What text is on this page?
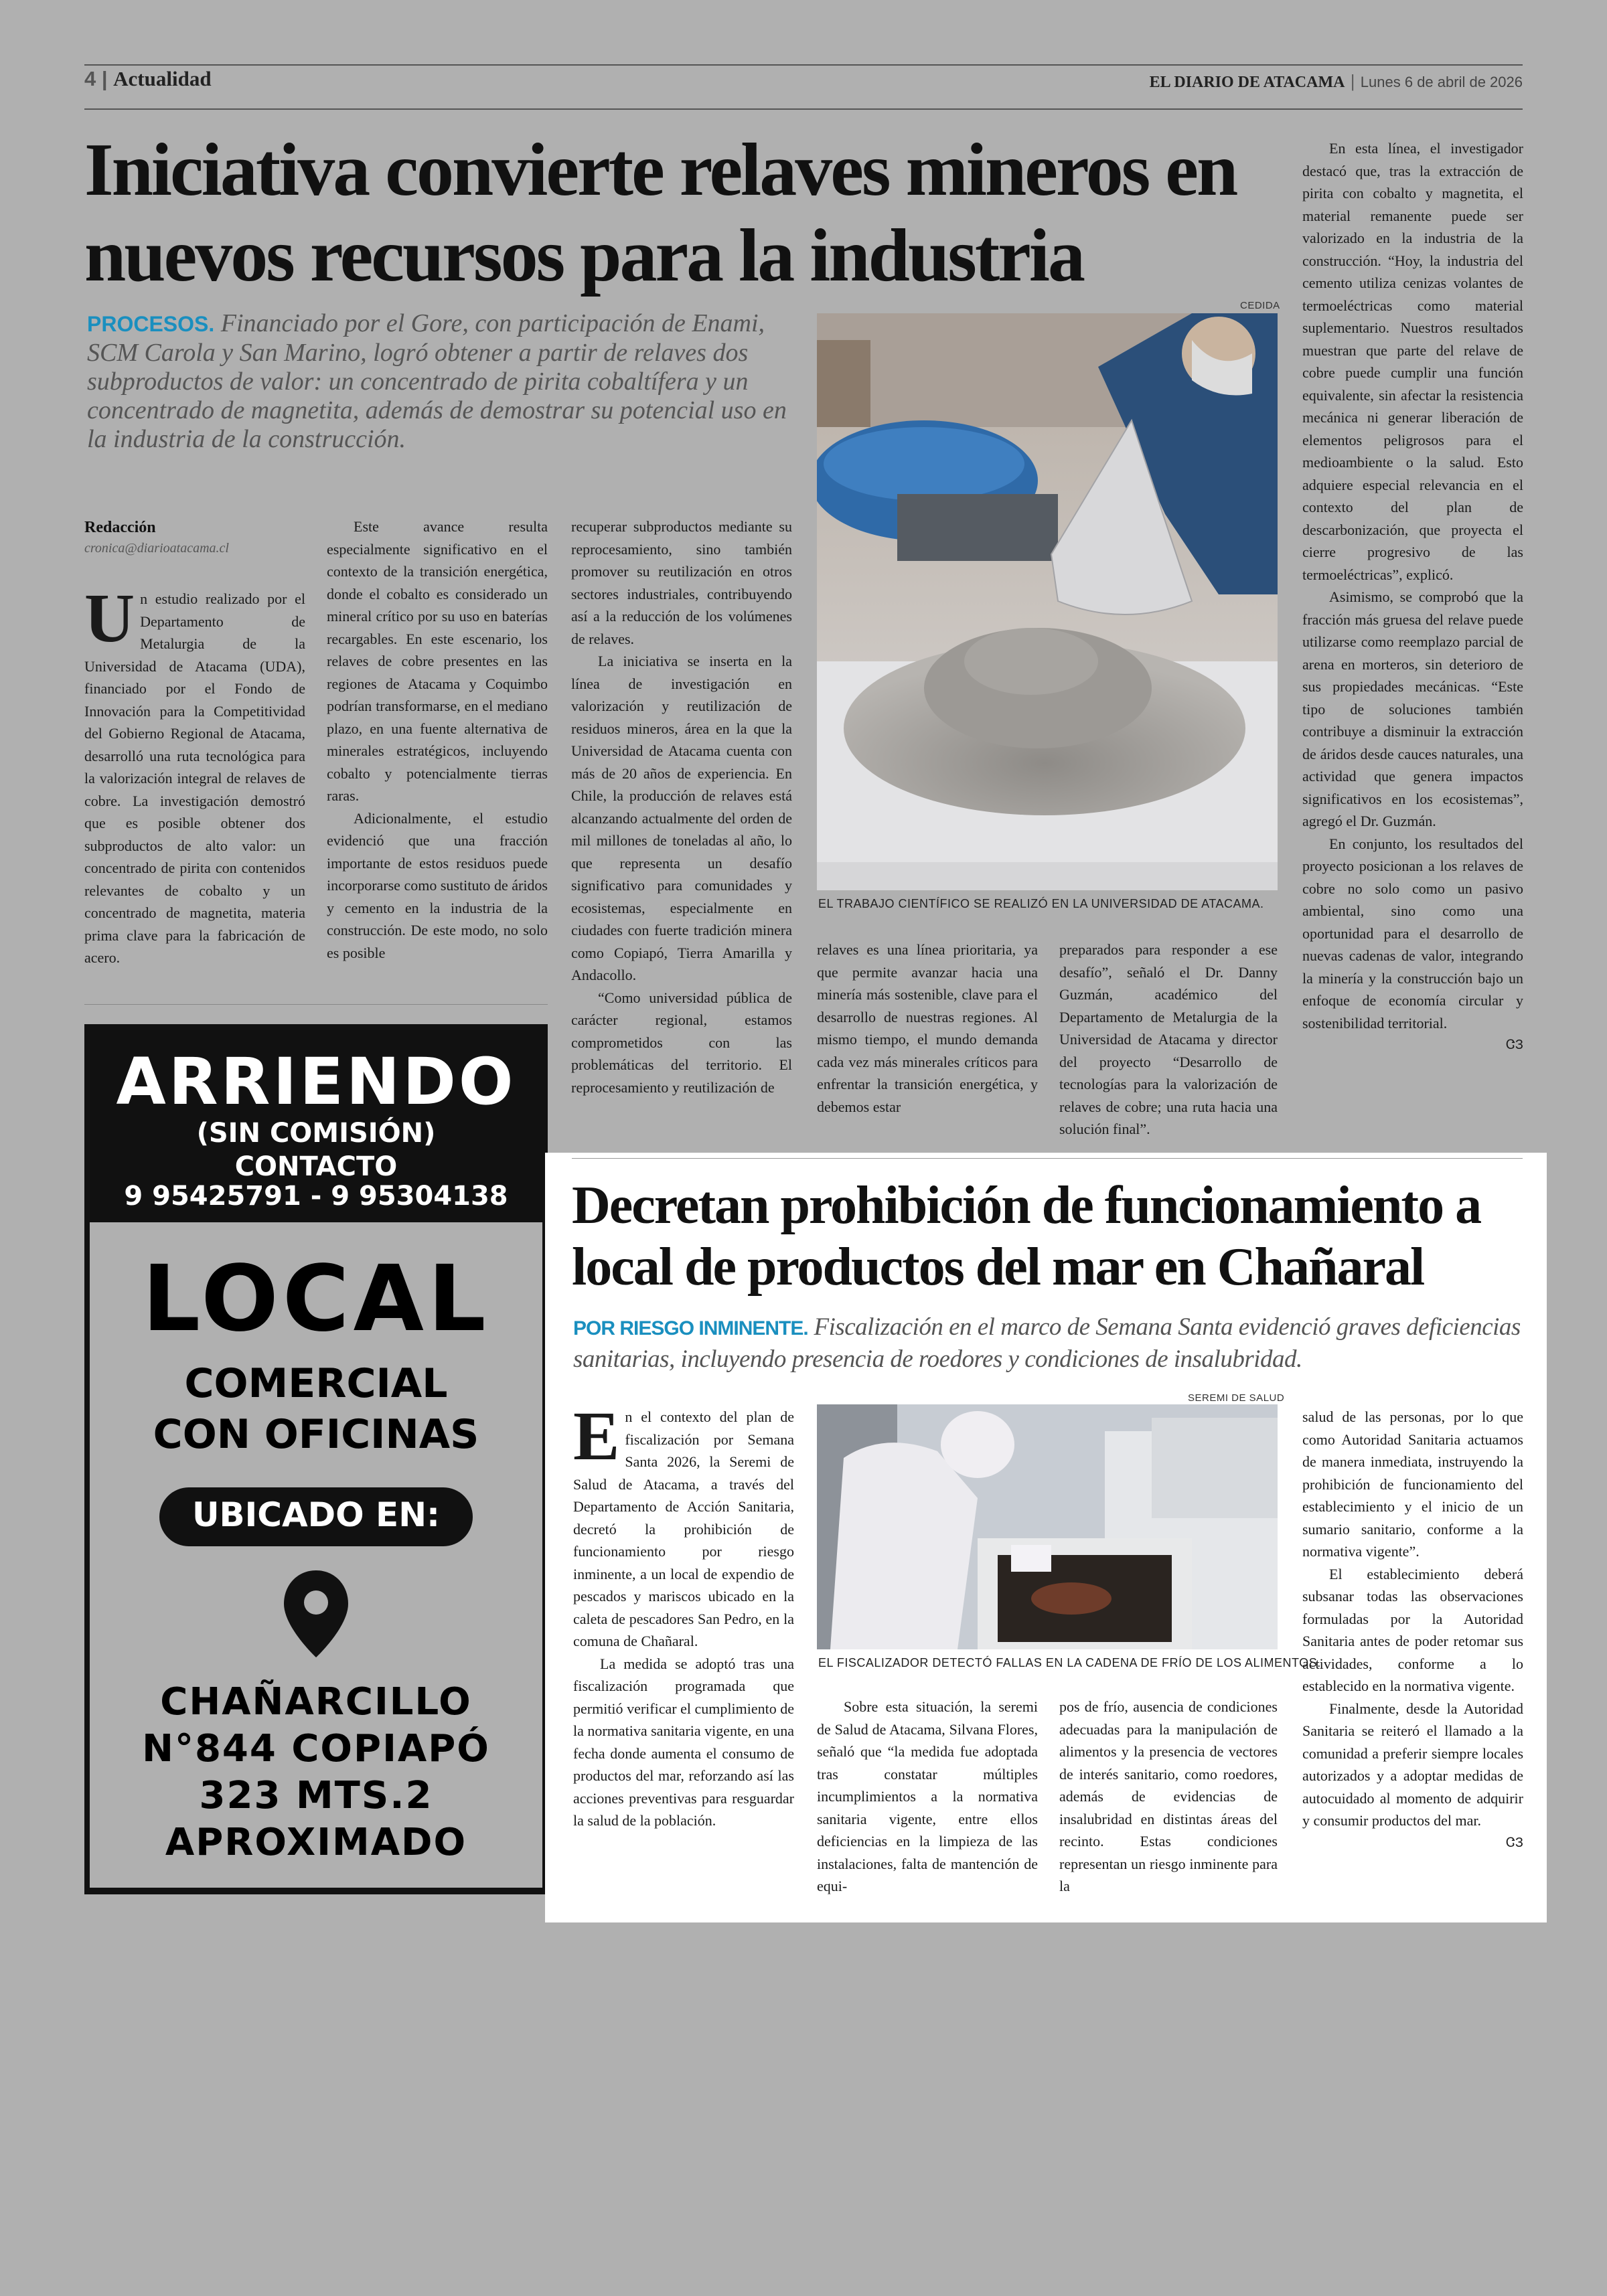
4 | Actualidad	EL DIARIO DE ATACAMA | Lunes 6 de abril de 2026
Iniciativa convierte relaves mineros en nuevos recursos para la industria
PROCESOS. Financiado por el Gore, con participación de Enami, SCM Carola y San Marino, logró obtener a partir de relaves dos subproductos de valor: un concentrado de pirita cobaltífera y un concentrado de magnetita, además de demostrar su potencial uso en la industria de la construcción.
CEDIDA
EL TRABAJO CIENTÍFICO SE REALIZÓ EN LA UNIVERSIDAD DE ATACAMA.
Redacción
cronica@diarioatacama.cl
U n estudio realizado por el Departamento de Metalurgia de la Universidad de Atacama (UDA), financiado por el Fondo de Innovación para la Competitividad del Gobierno Regional de Atacama, desarrolló una ruta tecnológica para la valorización integral de relaves de cobre. La investigación demostró que es posible obtener dos subproductos de alto valor: un concentrado de pirita con contenidos relevantes de cobalto y un concentrado de magnetita, materia prima clave para la fabricación de acero.

Este avance resulta especialmente significativo en el contexto de la transición energética, donde el cobalto es considerado un mineral crítico por su uso en baterías recargables. En este escenario, los relaves de cobre presentes en las regiones de Atacama y Coquimbo podrían transformarse, en el mediano plazo, en una fuente alternativa de minerales estratégicos, incluyendo cobalto y potencialmente tierras raras.

Adicionalmente, el estudio evidenció que una fracción importante de estos residuos puede incorporarse como sustituto de áridos y cemento en la industria de la construcción. De este modo, no solo es posible

recuperar subproductos mediante su reprocesamiento, sino también promover su reutilización en otros sectores industriales, contribuyendo así a la reducción de los volúmenes de relaves.

La iniciativa se inserta en la línea de investigación en valorización y reutilización de residuos mineros, área en la que la Universidad de Atacama cuenta con más de 20 años de experiencia. En Chile, la producción de relaves está alcanzando actualmente del orden de mil millones de toneladas al año, lo que representa un desafío significativo para comunidades y ecosistemas, especialmente en ciudades con fuerte tradición minera como Copiapó, Tierra Amarilla y Andacollo.

“Como universidad pública de carácter regional, estamos comprometidos con las problemáticas del territorio. El reprocesamiento y reutilización de

relaves es una línea prioritaria, ya que permite avanzar hacia una minería más sostenible, clave para el desarrollo de nuestras regiones. Al mismo tiempo, el mundo demanda cada vez más minerales críticos para enfrentar la transición energética, y debemos estar

preparados para responder a ese desafío”, señaló el Dr. Danny Guzmán, académico del Departamento de Metalurgia de la Universidad de Atacama y director del proyecto “Desarrollo de tecnologías para la valorización de relaves de cobre; una ruta hacia una solución final”.

En esta línea, el investigador destacó que, tras la extracción de pirita con cobalto y magnetita, el material remanente puede ser valorizado en la industria de la construcción. “Hoy, la industria del cemento utiliza cenizas volantes de termoeléctricas como material suplementario. Nuestros resultados muestran que parte del relave de cobre puede cumplir una función equivalente, sin afectar la resistencia mecánica ni generar liberación de elementos peligrosos para el medioambiente o la salud. Esto adquiere especial relevancia en el contexto del plan de descarbonización, que proyecta el cierre progresivo de las termoeléctricas”, explicó.

Asimismo, se comprobó que la fracción más gruesa del relave puede utilizarse como reemplazo parcial de arena en morteros, sin deterioro de sus propiedades mecánicas. “Este tipo de soluciones también contribuye a disminuir la extracción de áridos desde cauces naturales, una actividad que genera impactos significativos en los ecosistemas”, agregó el Dr. Guzmán.

En conjunto, los resultados del proyecto posicionan a los relaves de cobre no solo como un pasivo ambiental, sino como una oportunidad para el desarrollo de nuevas cadenas de valor, integrando la minería y la construcción bajo un enfoque de economía circular y sostenibilidad territorial.

ᏣЗ
ARRIENDO
(SIN COMISIÓN)
CONTACTO
9 95425791 - 9 95304138
LOCAL
COMERCIAL
CON OFICINAS
UBICADO EN:
CHAÑARCILLO
N°844 COPIAPÓ
323 MTS.2
APROXIMADO
Decretan prohibición de funcionamiento a local de productos del mar en Chañaral
POR RIESGO INMINENTE. Fiscalización en el marco de Semana Santa evidenció graves deficiencias sanitarias, incluyendo presencia de roedores y condiciones de insalubridad.
SEREMI DE SALUD
EL FISCALIZADOR DETECTÓ FALLAS EN LA CADENA DE FRÍO DE LOS ALIMENTOS.
E n el contexto del plan de fiscalización por Semana Santa 2026, la Seremi de Salud de Atacama, a través del Departamento de Acción Sanitaria, decretó la prohibición de funcionamiento por riesgo inminente, a un local de expendio de pescados y mariscos ubicado en la caleta de pescadores San Pedro, en la comuna de Chañaral.

La medida se adoptó tras una fiscalización programada que permitió verificar el cumplimiento de la normativa sanitaria vigente, en una fecha donde aumenta el consumo de productos del mar, reforzando así las acciones preventivas para resguardar la salud de la población.

Sobre esta situación, la seremi de Salud de Atacama, Silvana Flores, señaló que “la medida fue adoptada tras constatar múltiples incumplimientos a la normativa sanitaria vigente, entre ellos deficiencias en la limpieza de las instalaciones, falta de mantención de equi-

pos de frío, ausencia de condiciones adecuadas para la manipulación de alimentos y la presencia de vectores de interés sanitario, como roedores, además de evidencias de insalubridad en distintas áreas del recinto. Estas condiciones representan un riesgo inminente para la

salud de las personas, por lo que como Autoridad Sanitaria actuamos de manera inmediata, instruyendo la prohibición de funcionamiento del establecimiento y el inicio de un sumario sanitario, conforme a la normativa vigente”.

El establecimiento deberá subsanar todas las observaciones formuladas por la Autoridad Sanitaria antes de poder retomar sus actividades, conforme a lo establecido en la normativa vigente.

Finalmente, desde la Autoridad Sanitaria se reiteró el llamado a la comunidad a preferir siempre locales autorizados y a adoptar medidas de autocuidado al momento de adquirir y consumir productos del mar.

ᏣЗ
